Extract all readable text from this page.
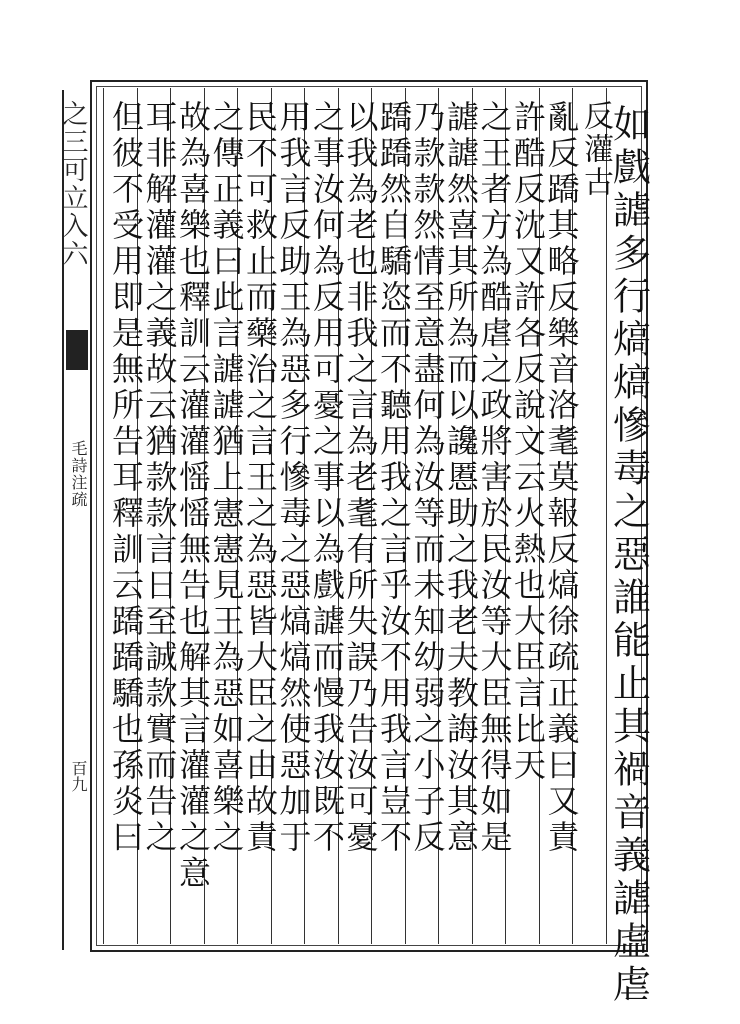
之三可立入六
毛詩注疏
百九	如戲謔多行熇熇慘毒之惡誰能止其禍音義謔虛虐
反灌古
亂反蹻其略反樂音洛耄莫報反熇徐疏正義曰又責
許酷反沈又許各反說文云火熱也大臣言比天
之王者方為酷虐之政將害於民汝等大臣無得如是
謔謔然喜其所為而以讒慝助之我老夫教誨汝其意
乃款款然情至意盡何為汝等而未知幼弱之小子反
蹻蹻然自驕恣而不聽用我之言乎汝不用我言豈不
以我為老也非我之言為老耄有所失誤乃告汝可憂
之事汝何為反用可憂之事以為戲謔而慢我汝既不
用我言反助王為惡多行慘毒之惡熇熇然使惡加于
民不可救止而藥治之言王之為惡皆大臣之由故責
之傳正義曰此言謔謔猶上憲憲見王為惡如喜樂之
故為喜樂也釋訓云灌灌愮愮無告也解其言灌灌之意
耳非解灌灌之義故云猶款款言日至誠款實而告之
但彼不受用即是無所告耳釋訓云蹻蹻驕也孫炎曰
